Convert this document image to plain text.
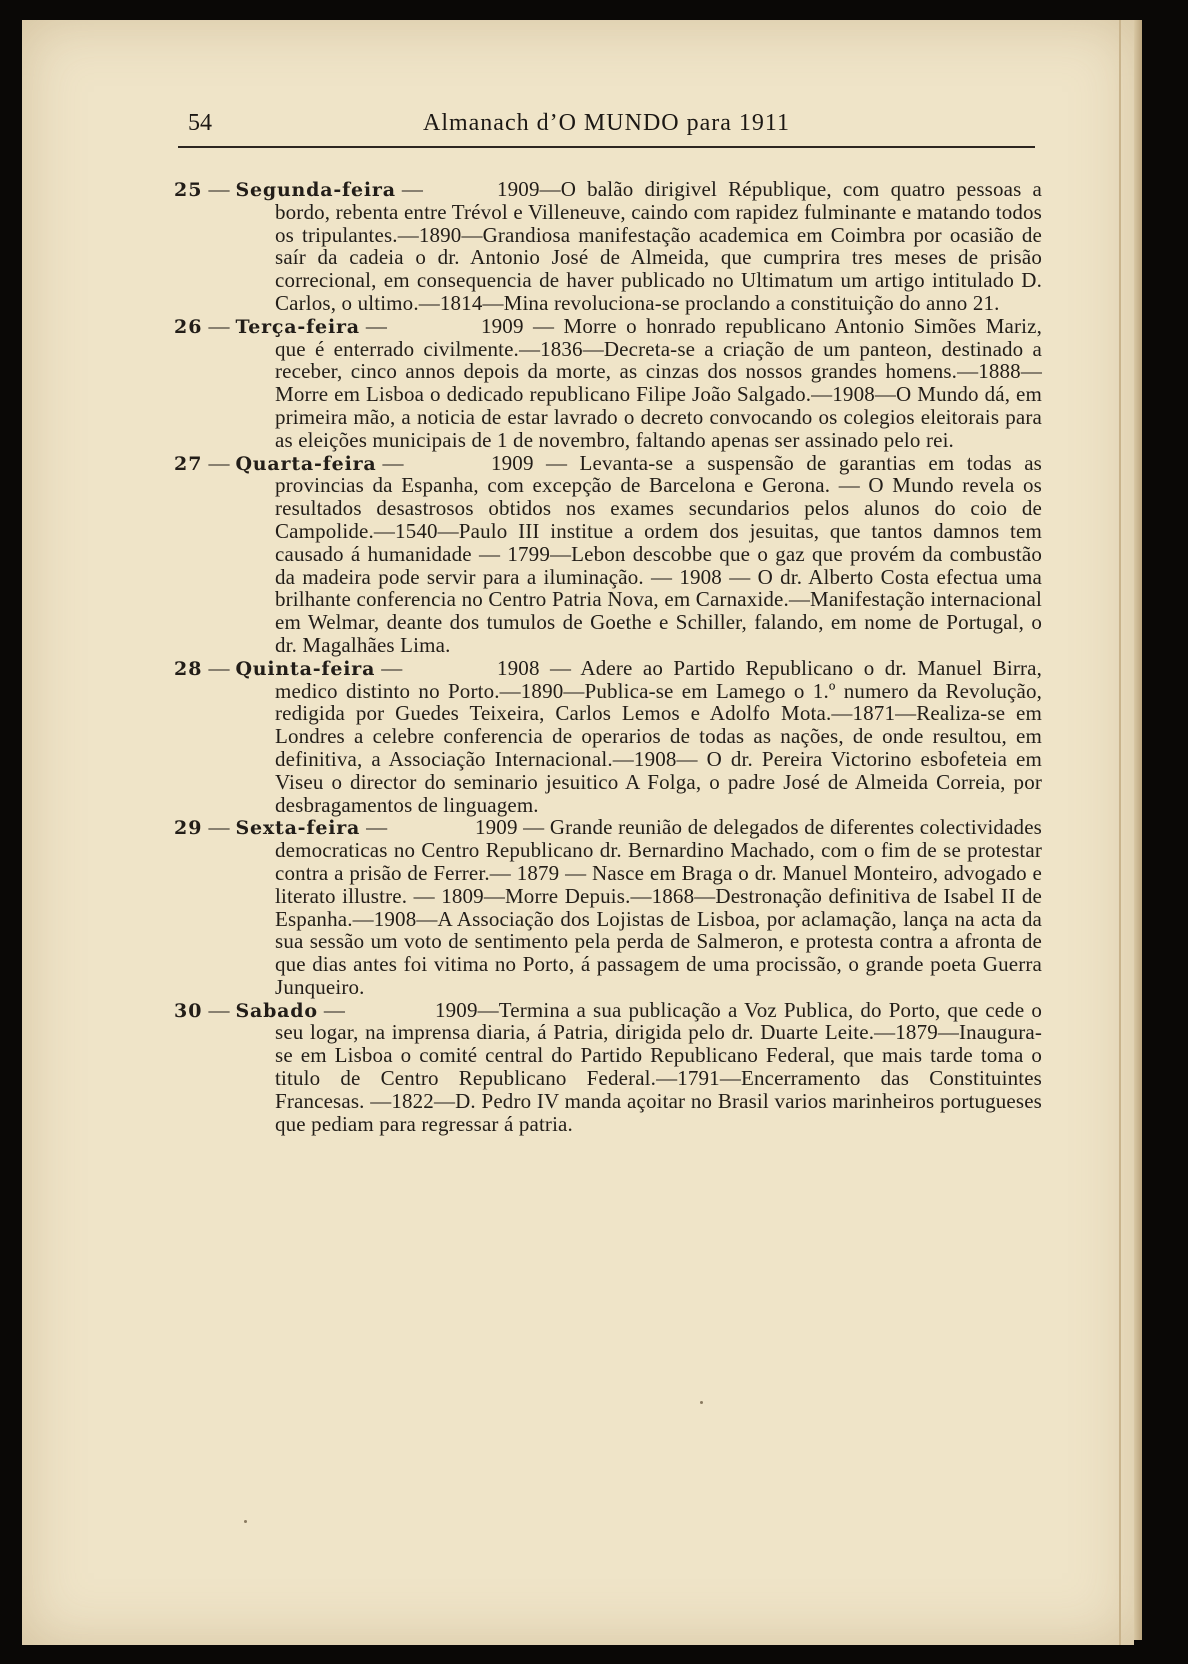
54	Almanach d’O MUNDO para 1911
25 — Segunda-feira —	1909—O balão dirigivel République, com quatro pessoas a bordo, rebenta entre Trévol e Villeneuve, caindo com rapidez fulminante e matando todos os tripulantes.—1890—Grandiosa manifestação academica em Coimbra por ocasião de saír da cadeia o dr. Antonio José de Almeida, que cumprira tres meses de prisão correcional, em consequencia de haver publicado no Ultimatum um artigo intitulado D. Carlos, o ultimo.—1814—Mina revoluciona-se proclando a constituição do anno 21.

26 — Terça-feira —	1909 — Morre o honrado republicano Antonio Simões Mariz, que é enterrado civilmente.—1836—Decreta-se a criação de um panteon, destinado a receber, cinco annos depois da morte, as cinzas dos nossos grandes homens.—1888—Morre em Lisboa o dedicado republicano Filipe João Salgado.—1908—O Mundo dá, em primeira mão, a noticia de estar lavrado o decreto convocando os colegios eleitorais para as eleições municipais de 1 de novembro, faltando apenas ser assinado pelo rei.

27 — Quarta-feira —	1909 — Levanta-se a suspensão de garantias em todas as provincias da Espanha, com excepção de Barcelona e Gerona. — O Mundo revela os resultados desastrosos obtidos nos exames secundarios pelos alunos do coio de Campolide.—1540—Paulo III institue a ordem dos jesuitas, que tantos damnos tem causado á humanidade — 1799—Lebon descobbe que o gaz que provém da combustão da madeira pode servir para a iluminação. — 1908 — O dr. Alberto Costa efectua uma brilhante conferencia no Centro Patria Nova, em Carnaxide.—Manifestação internacional em Welmar, deante dos tumulos de Goethe e Schiller, falando, em nome de Portugal, o dr. Magalhães Lima.

28 — Quinta-feira —	1908 — Adere ao Partido Republicano o dr. Manuel Birra, medico distinto no Porto.—1890—Publica-se em Lamego o 1.º numero da Revolução, redigida por Guedes Teixeira, Carlos Lemos e Adolfo Mota.—1871—Realiza-se em Londres a celebre conferencia de operarios de todas as nações, de onde resultou, em definitiva, a Associação Internacional.—1908— O dr. Pereira Victorino esbofeteia em Viseu o director do seminario jesuitico A Folga, o padre José de Almeida Correia, por desbragamentos de linguagem.

29 — Sexta-feira —	1909 — Grande reunião de delegados de diferentes colectividades democraticas no Centro Republicano dr. Bernardino Machado, com o fim de se protestar contra a prisão de Ferrer.— 1879 — Nasce em Braga o dr. Manuel Monteiro, advogado e literato illustre. — 1809—Morre Depuis.—1868—Destronação definitiva de Isabel II de Espanha.—1908—A Associação dos Lojistas de Lisboa, por aclamação, lança na acta da sua sessão um voto de sentimento pela perda de Salmeron, e protesta contra a afronta de que dias antes foi vitima no Porto, á passagem de uma procissão, o grande poeta Guerra Junqueiro.

30 — Sabado —	1909—Termina a sua publicação a Voz Publica, do Porto, que cede o seu logar, na imprensa diaria, á Patria, dirigida pelo dr. Duarte Leite.—1879—Inaugura-se em Lisboa o comité central do Partido Republicano Federal, que mais tarde toma o titulo de Centro Republicano Federal.—1791—Encerramento das Constituintes Francesas. —1822—D. Pedro IV manda açoitar no Brasil varios marinheiros portugueses que pediam para regressar á patria.
